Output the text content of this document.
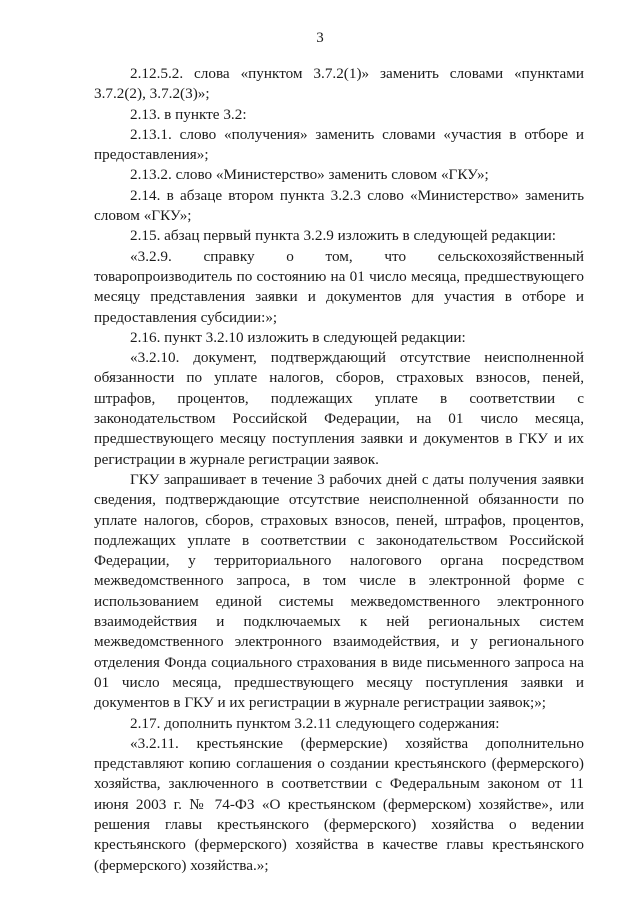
3

2.12.5.2. слова «пунктом 3.7.2(1)» заменить словами «пунктами 3.7.2(2), 3.7.2(3)»;

2.13. в пункте 3.2:

2.13.1. слово «получения» заменить словами «участия в отборе и предоставления»;

2.13.2. слово «Министерство» заменить словом «ГКУ»;

2.14. в абзаце втором пункта 3.2.3 слово «Министерство» заменить словом «ГКУ»;

2.15. абзац первый пункта 3.2.9 изложить в следующей редакции:

«3.2.9. справку о том, что сельскохозяйственный товаропроизводитель по состоянию на 01 число месяца, предшествующего месяцу представления заявки и документов для участия в отборе и предоставления субсидии:»;

2.16. пункт 3.2.10 изложить в следующей редакции:

«3.2.10. документ, подтверждающий отсутствие неисполненной обязанности по уплате налогов, сборов, страховых взносов, пеней, штрафов, процентов, подлежащих уплате в соответствии с законодательством Российской Федерации, на 01 число месяца, предшествующего месяцу поступления заявки и документов в ГКУ и их регистрации в журнале регистрации заявок.

ГКУ запрашивает в течение 3 рабочих дней с даты получения заявки сведения, подтверждающие отсутствие неисполненной обязанности по уплате налогов, сборов, страховых взносов, пеней, штрафов, процентов, подлежащих уплате в соответствии с законодательством Российской Федерации, у территориального налогового органа посредством межведомственного запроса, в том числе в электронной форме с использованием единой системы межведомственного электронного взаимодействия и подключаемых к ней региональных систем межведомственного электронного взаимодействия, и у регионального отделения Фонда социального страхования в виде письменного запроса на 01 число месяца, предшествующего месяцу поступления заявки и документов в ГКУ и их регистрации в журнале регистрации заявок;»;

2.17. дополнить пунктом 3.2.11 следующего содержания:

«3.2.11. крестьянские (фермерские) хозяйства дополнительно представляют копию соглашения о создании крестьянского (фермерского) хозяйства, заключенного в соответствии с Федеральным законом от 11 июня 2003 г. № 74-ФЗ «О крестьянском (фермерском) хозяйстве», или решения главы крестьянского (фермерского) хозяйства о ведении крестьянского (фермерского) хозяйства в качестве главы крестьянского (фермерского) хозяйства.»;
